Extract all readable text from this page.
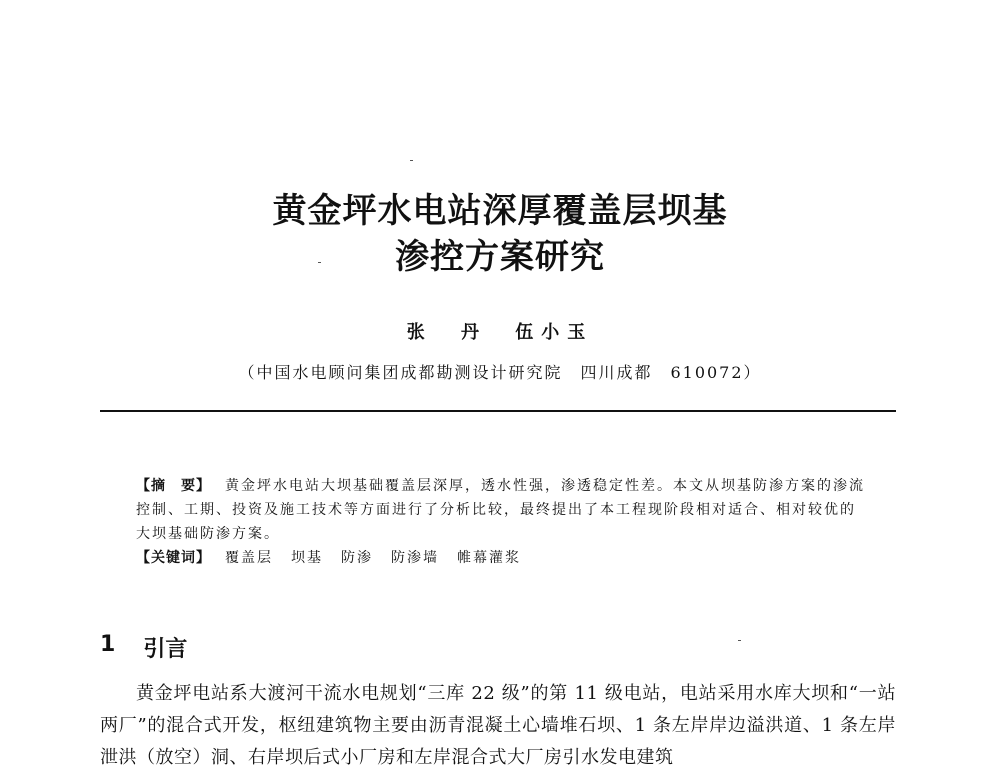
黄金坪水电站深厚覆盖层坝基
渗控方案研究
张 丹 伍小玉
（中国水电顾问集团成都勘测设计研究院　四川成都　610072）
【摘　要】 黄金坪水电站大坝基础覆盖层深厚，透水性强，渗透稳定性差。本文从坝基防渗方案的渗流控制、工期、投资及施工技术等方面进行了分析比较，最终提出了本工程现阶段相对适合、相对较优的大坝基础防渗方案。
【关键词】 覆盖层 坝基 防渗 防渗墙 帷幕灌浆
1 引言
黄金坪电站系大渡河干流水电规划“三库 22 级”的第 11 级电站，电站采用水库大坝和“一站两厂”的混合式开发，枢纽建筑物主要由沥青混凝土心墙堆石坝、1 条左岸岸边溢洪道、1 条左岸泄洪（放空）洞、右岸坝后式小厂房和左岸混合式大厂房引水发电建筑
